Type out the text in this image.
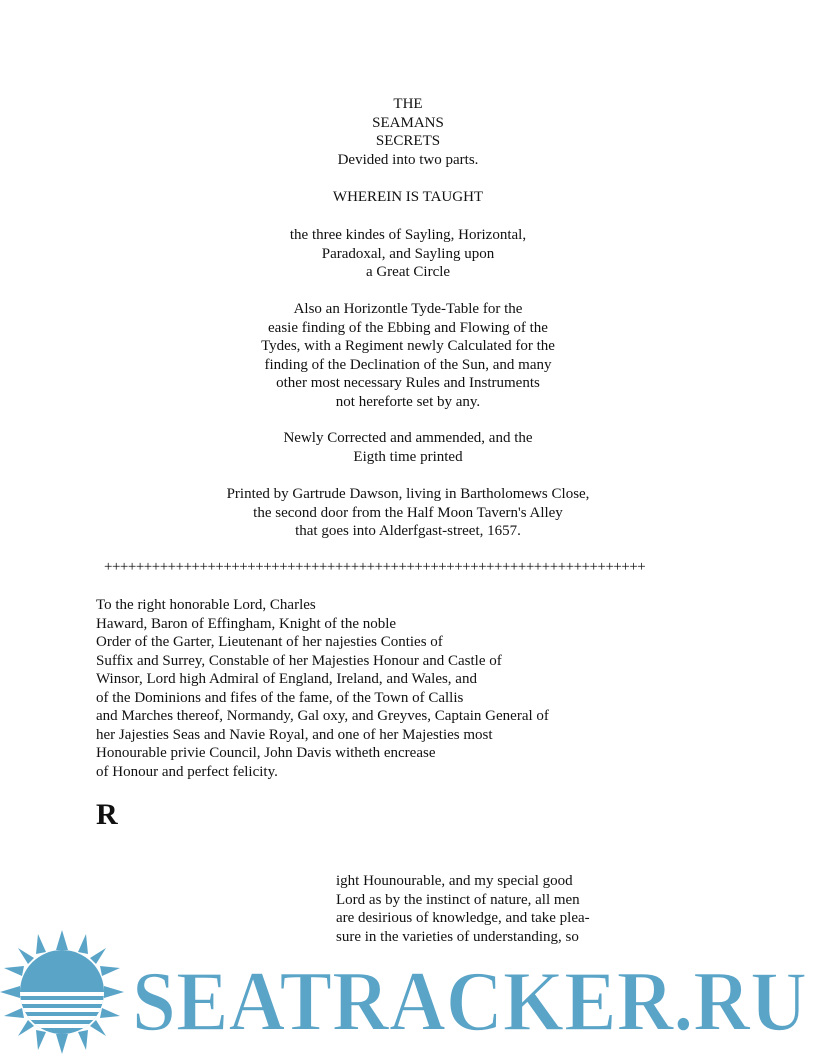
THE
SEAMANS
SECRETS
Devided into two parts.
WHEREIN IS TAUGHT
the three kindes of Sayling, Horizontal,
Paradoxal, and Sayling upon
a Great Circle
Also an Horizontle Tyde-Table for the
easie finding of the Ebbing and Flowing of the
Tydes, with a Regiment newly Calculated for the
finding of the Declination of the Sun, and many
other most necessary Rules and Instruments
not hereforte set by any.
Newly Corrected and ammended, and the
Eigth time printed
Printed by Gartrude Dawson, living in Bartholomews Close,
the second door from the Half Moon Tavern's Alley
that goes into Alderfgast-street, 1657.
++++++++++++++++++++++++++++++++++++++++++++++++++++++++++++++++++++
To the right honorable Lord, Charles
Haward, Baron of Effingham, Knight of the noble
Order of the Garter, Lieutenant of her najesties Conties of
Suffix and Surrey, Constable of her Majesties Honour and Castle of
Winsor, Lord high Admiral of England, Ireland, and Wales, and
of the Dominions and fifes of the fame, of the Town of Callis
and Marches thereof, Normandy, Gal oxy, and Greyves, Captain General of
her Jajesties Seas and Navie Royal, and one of her Majesties most
Honourable privie Council, John Davis witheth encrease
of Honour and perfect felicity.
R
ight Hounourable, and my special good
Lord as by the instinct of nature, all men
are desirious of knowledge, and take plea-
sure in the varieties of understanding, so
SEATRACKER.RU
